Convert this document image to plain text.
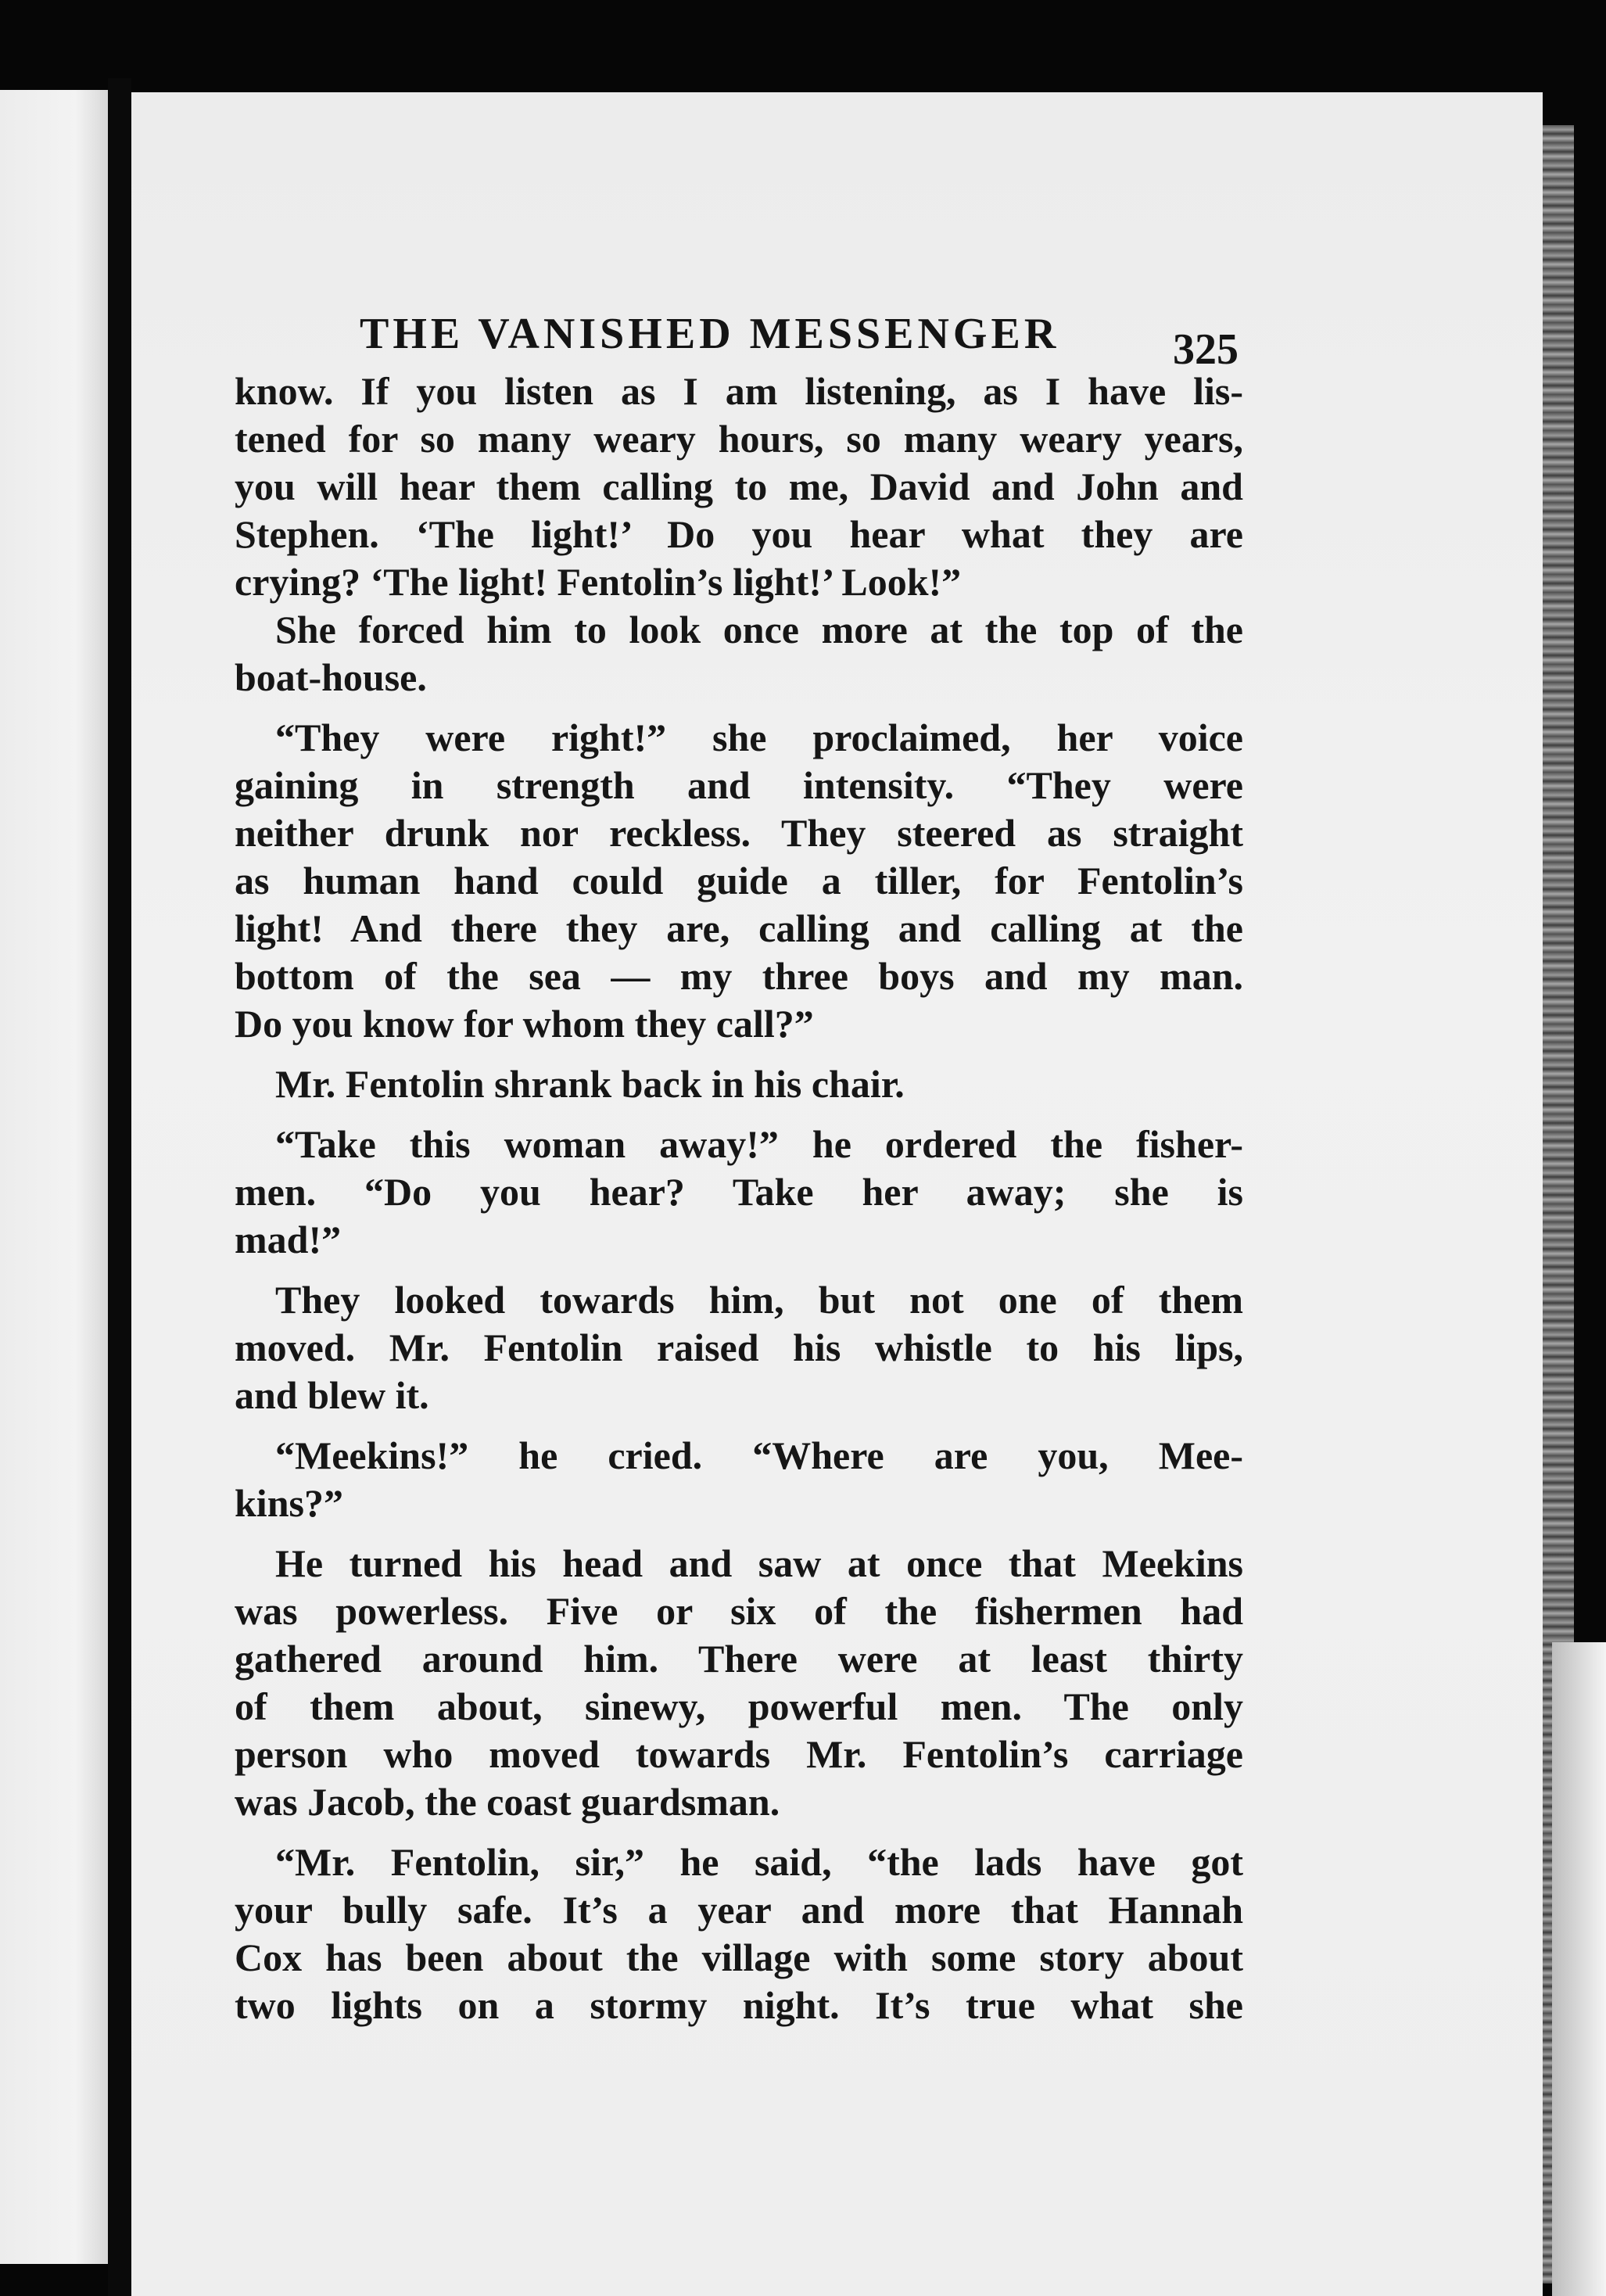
THE VANISHED MESSENGER	325
know. If you listen as I am listening, as I have lis-
tened for so many weary hours, so many weary years,
you will hear them calling to me, David and John and
Stephen. ‘The light!’ Do you hear what they are
crying? ‘The light! Fentolin’s light!’ Look!”
She forced him to look once more at the top of the
boat-house.
“They were right!” she proclaimed, her voice
gaining in strength and intensity. “They were
neither drunk nor reckless. They steered as straight
as human hand could guide a tiller, for Fentolin’s
light! And there they are, calling and calling at the
bottom of the sea — my three boys and my man.
Do you know for whom they call?”
Mr. Fentolin shrank back in his chair.
“Take this woman away!” he ordered the fisher-
men. “Do you hear? Take her away; she is
mad!”
They looked towards him, but not one of them
moved. Mr. Fentolin raised his whistle to his lips,
and blew it.
“Meekins!” he cried. “Where are you, Mee-
kins?”
He turned his head and saw at once that Meekins
was powerless. Five or six of the fishermen had
gathered around him. There were at least thirty
of them about, sinewy, powerful men. The only
person who moved towards Mr. Fentolin’s carriage
was Jacob, the coast guardsman.
“Mr. Fentolin, sir,” he said, “the lads have got
your bully safe. It’s a year and more that Hannah
Cox has been about the village with some story about
two lights on a stormy night. It’s true what she
